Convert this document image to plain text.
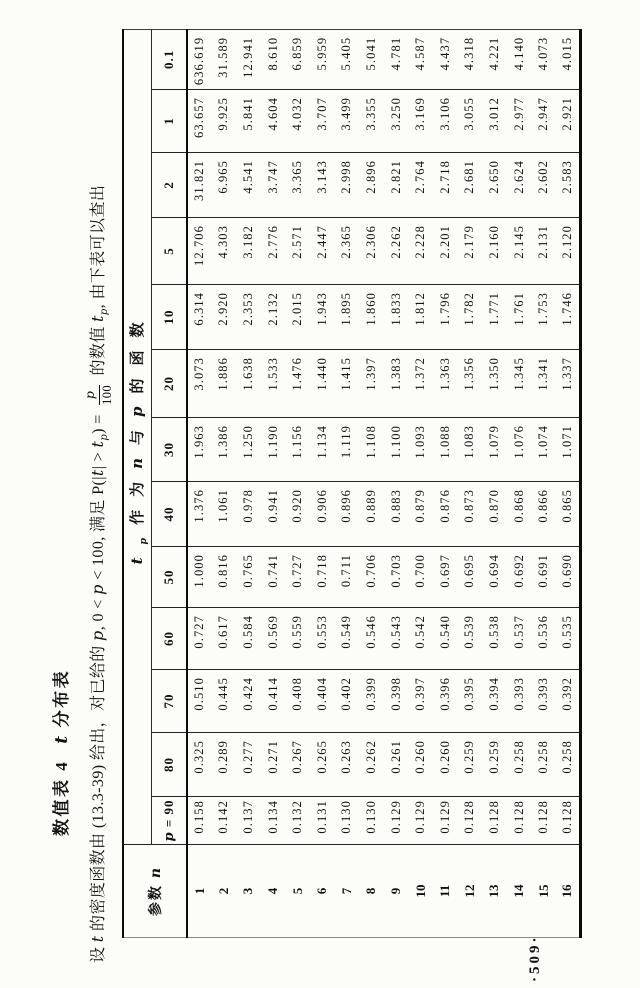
数值表 4t分布表
设 t 的密度函数由 (13.3-39) 给出，对已给的 p, 0 < p < 100, 满足 $P(|t| > t_p)$ =
p 100
的数值 $t_p$, 由下表可以查出
参数n	$t_p$作为n与p的函数												
	p = 90	80	70	60	50	40	30	20	10	5	2	1	0.1
1	0.158	0.325	0.510	0.727	1.000	1.376	1.963	3.073	6.314	12.706	31.821	63.657	636.619
2	0.142	0.289	0.445	0.617	0.816	1.061	1.386	1.886	2.920	4.303	6.965	9.925	31.589
3	0.137	0.277	0.424	0.584	0.765	0.978	1.250	1.638	2.353	3.182	4.541	5.841	12.941
4	0.134	0.271	0.414	0.569	0.741	0.941	1.190	1.533	2.132	2.776	3.747	4.604	8.610
5	0.132	0.267	0.408	0.559	0.727	0.920	1.156	1.476	2.015	2.571	3.365	4.032	6.859
6	0.131	0.265	0.404	0.553	0.718	0.906	1.134	1.440	1.943	2.447	3.143	3.707	5.959
7	0.130	0.263	0.402	0.549	0.711	0.896	1.119	1.415	1.895	2.365	2.998	3.499	5.405
8	0.130	0.262	0.399	0.546	0.706	0.889	1.108	1.397	1.860	2.306	2.896	3.355	5.041
9	0.129	0.261	0.398	0.543	0.703	0.883	1.100	1.383	1.833	2.262	2.821	3.250	4.781
10	0.129	0.260	0.397	0.542	0.700	0.879	1.093	1.372	1.812	2.228	2.764	3.169	4.587
11	0.129	0.260	0.396	0.540	0.697	0.876	1.088	1.363	1.796	2.201	2.718	3.106	4.437
12	0.128	0.259	0.395	0.539	0.695	0.873	1.083	1.356	1.782	2.179	2.681	3.055	4.318
13	0.128	0.259	0.394	0.538	0.694	0.870	1.079	1.350	1.771	2.160	2.650	3.012	4.221
14	0.128	0.258	0.393	0.537	0.692	0.868	1.076	1.345	1.761	2.145	2.624	2.977	4.140
15	0.128	0.258	0.393	0.536	0.691	0.866	1.074	1.341	1.753	2.131	2.602	2.947	4.073
16	0.128	0.258	0.392	0.535	0.690	0.865	1.071	1.337	1.746	2.120	2.583	2.921	4.015
·509·
